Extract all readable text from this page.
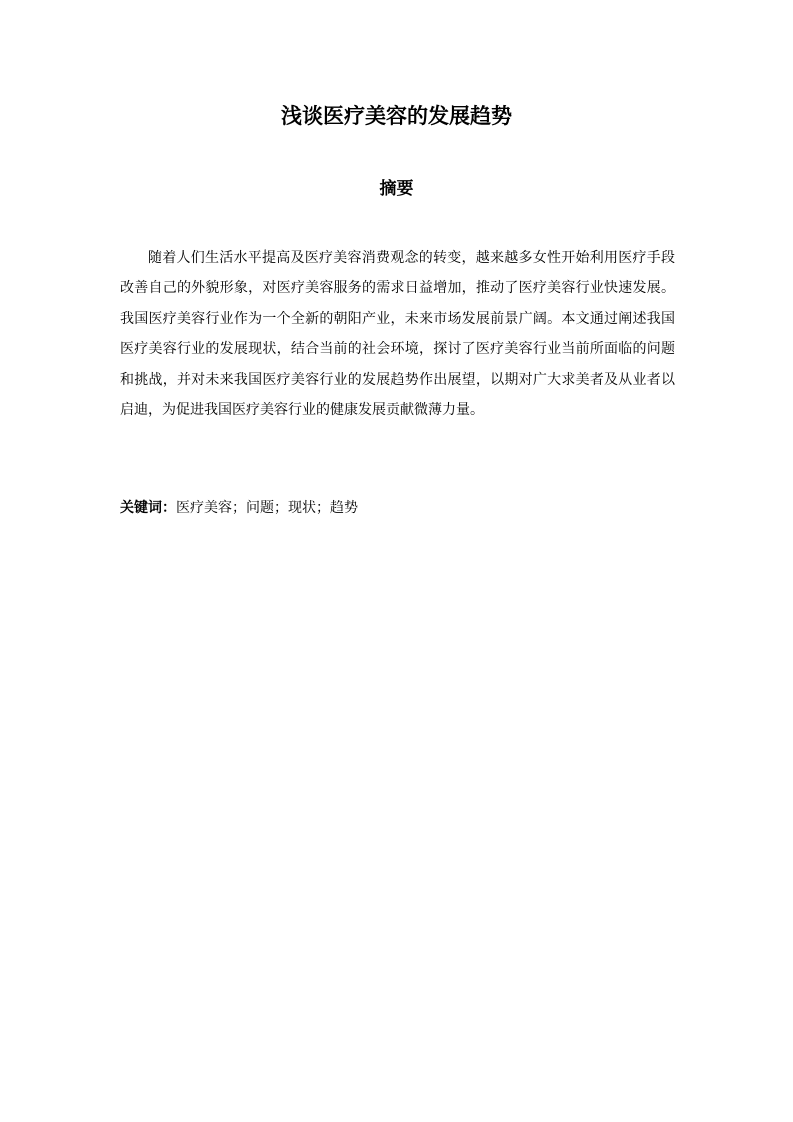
浅谈医疗美容的发展趋势
摘要

随着人们生活水平提高及医疗美容消费观念的转变，越来越多女性开始利用医疗手段改善自己的外貌形象，对医疗美容服务的需求日益增加，推动了医疗美容行业快速发展。我国医疗美容行业作为一个全新的朝阳产业，未来市场发展前景广阔。本文通过阐述我国医疗美容行业的发展现状，结合当前的社会环境，探讨了医疗美容行业当前所面临的问题和挑战，并对未来我国医疗美容行业的发展趋势作出展望，以期对广大求美者及从业者以启迪，为促进我国医疗美容行业的健康发展贡献微薄力量。

关键词：医疗美容；问题；现状；趋势
